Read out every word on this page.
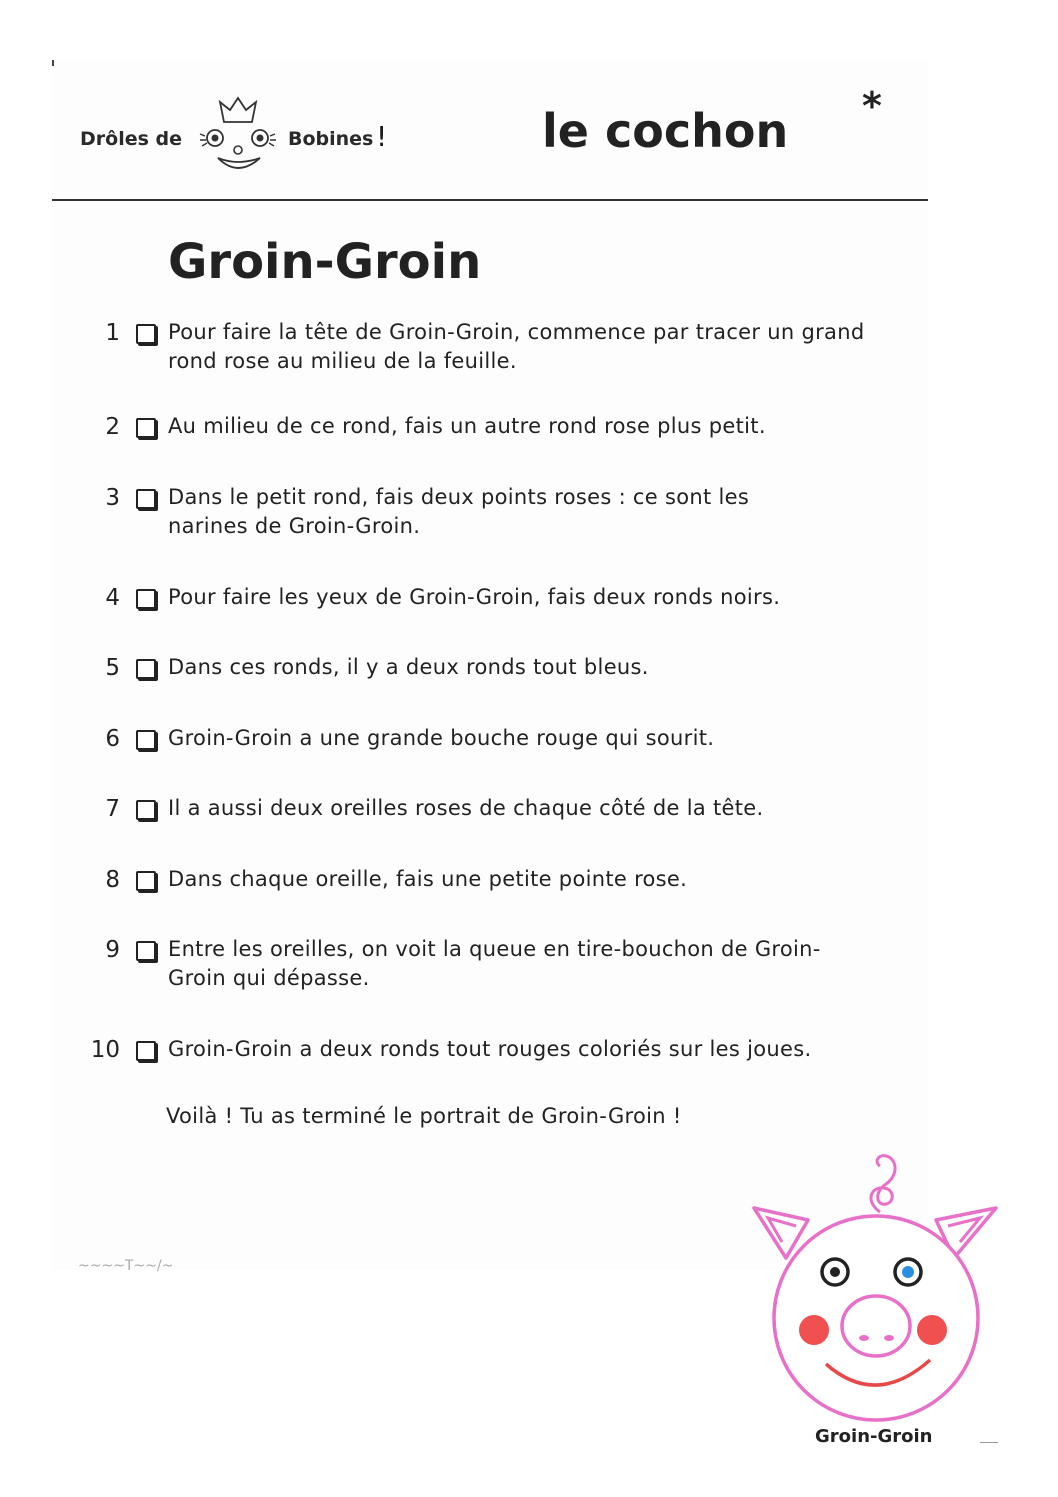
Drôles de	Bobines !	le cochon *
Groin-Groin
1 Pour faire la tête de Groin-Groin, commence par tracer un grand rond rose au milieu de la feuille.
2 Au milieu de ce rond, fais un autre rond rose plus petit.
3 Dans le petit rond, fais deux points roses : ce sont les narines de Groin-Groin.
4 Pour faire les yeux de Groin-Groin, fais deux ronds noirs.
5 Dans ces ronds, il y a deux ronds tout bleus.
6 Groin-Groin a une grande bouche rouge qui sourit.
7 Il a aussi deux oreilles roses de chaque côté de la tête.
8 Dans chaque oreille, fais une petite pointe rose.
9 Entre les oreilles, on voit la queue en tire-bouchon de Groin-Groin qui dépasse.
10 Groin-Groin a deux ronds tout rouges coloriés sur les joues.
Voilà ! Tu as terminé le portrait de Groin-Groin !
~~~~T~~/~
Groin-Groin
